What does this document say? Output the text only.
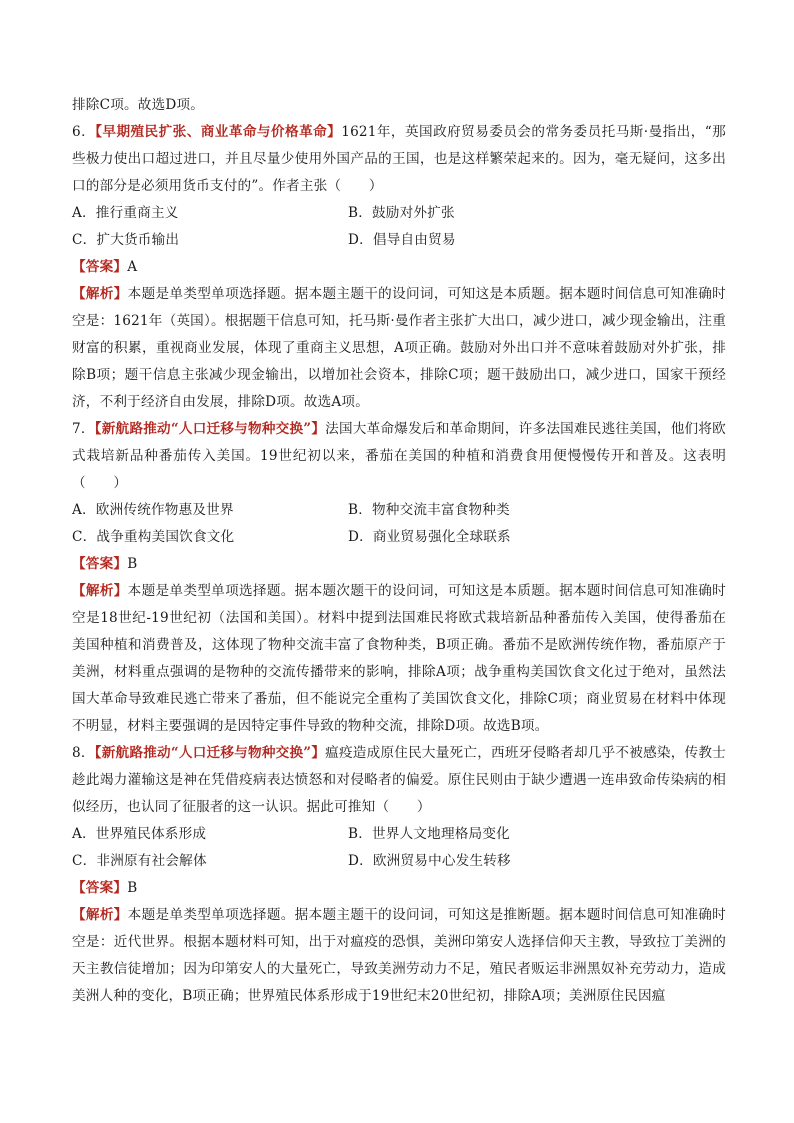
排除C项。故选D项。

6．【早期殖民扩张、商业革命与价格革命】1621年，英国政府贸易委员会的常务委员托马斯·曼指出，“那些极力使出口超过进口，并且尽量少使用外国产品的王国，也是这样繁荣起来的。因为，毫无疑问，这多出口的部分是必须用货币支付的”。作者主张（　　）

A．推行重商主义	B．鼓励对外扩张
C．扩大货币输出	D．倡导自由贸易

【答案】A

【解析】本题是单类型单项选择题。据本题主题干的设问词，可知这是本质题。据本题时间信息可知准确时空是：1621年（英国）。根据题干信息可知，托马斯·曼作者主张扩大出口，减少进口，减少现金输出，注重财富的积累，重视商业发展，体现了重商主义思想，A项正确。鼓励对外出口并不意味着鼓励对外扩张，排除B项；题干信息主张减少现金输出，以增加社会资本，排除C项；题干鼓励出口，减少进口，国家干预经济，不利于经济自由发展，排除D项。故选A项。

7．【新航路推动“人口迁移与物种交换”】法国大革命爆发后和革命期间，许多法国难民逃往美国，他们将欧式栽培新品种番茄传入美国。19世纪初以来，番茄在美国的种植和消费食用便慢慢传开和普及。这表明（　　）

A．欧洲传统作物惠及世界	B．物种交流丰富食物种类
C．战争重构美国饮食文化	D．商业贸易强化全球联系

【答案】B

【解析】本题是单类型单项选择题。据本题次题干的设问词，可知这是本质题。据本题时间信息可知准确时空是18世纪-19世纪初（法国和美国）。材料中提到法国难民将欧式栽培新品种番茄传入美国，使得番茄在美国种植和消费普及，这体现了物种交流丰富了食物种类，B项正确。番茄不是欧洲传统作物，番茄原产于美洲，材料重点强调的是物种的交流传播带来的影响，排除A项；战争重构美国饮食文化过于绝对，虽然法国大革命导致难民逃亡带来了番茄，但不能说完全重构了美国饮食文化，排除C项；商业贸易在材料中体现不明显，材料主要强调的是因特定事件导致的物种交流，排除D项。故选B项。

8．【新航路推动“人口迁移与物种交换”】瘟疫造成原住民大量死亡，西班牙侵略者却几乎不被感染，传教士趁此竭力灌输这是神在凭借疫病表达愤怒和对侵略者的偏爱。原住民则由于缺少遭遇一连串致命传染病的相似经历，也认同了征服者的这一认识。据此可推知（　　）

A．世界殖民体系形成	B．世界人文地理格局变化
C．非洲原有社会解体	D．欧洲贸易中心发生转移

【答案】B

【解析】本题是单类型单项选择题。据本题主题干的设问词，可知这是推断题。据本题时间信息可知准确时空是：近代世界。根据本题材料可知，出于对瘟疫的恐惧，美洲印第安人选择信仰天主教，导致拉丁美洲的天主教信徒增加；因为印第安人的大量死亡，导致美洲劳动力不足，殖民者贩运非洲黑奴补充劳动力，造成美洲人种的变化，B项正确；世界殖民体系形成于19世纪末20世纪初，排除A项；美洲原住民因瘟
